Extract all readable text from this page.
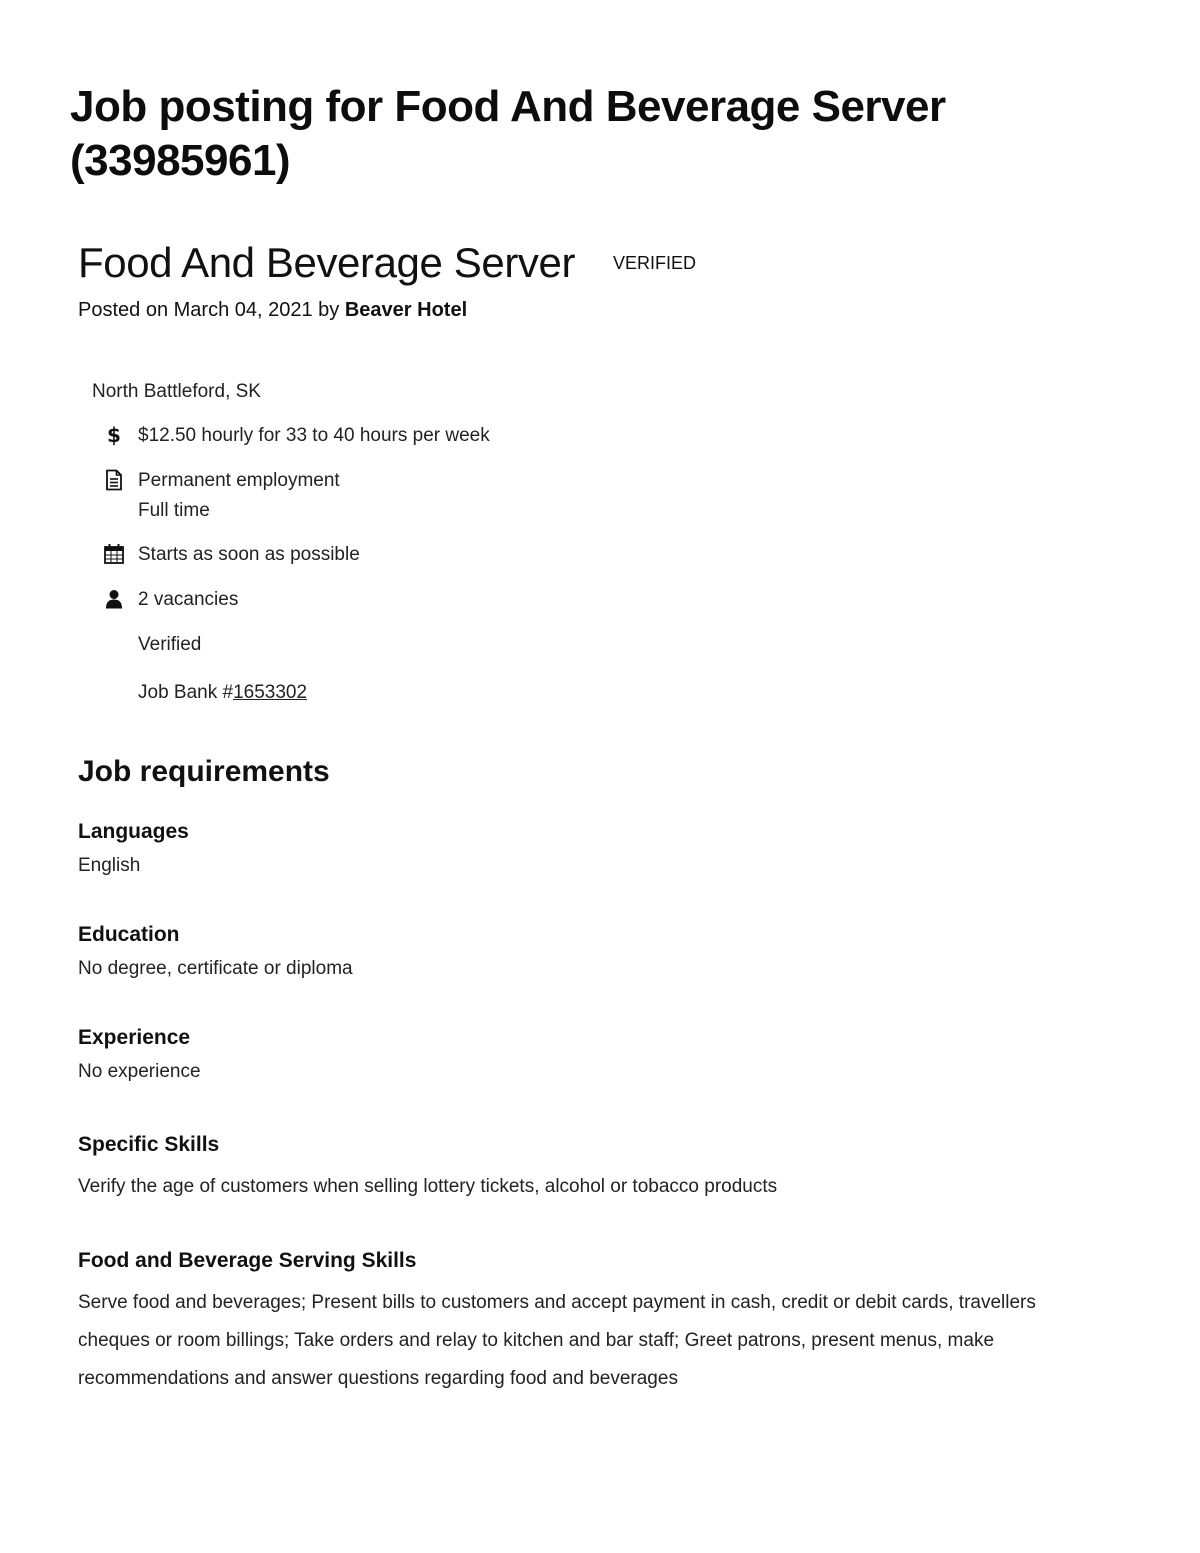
Job posting for Food And Beverage Server (33985961)
Food And Beverage Server VERIFIED
Posted on March 04, 2021 by Beaver Hotel
North Battleford, SK
$ $12.50 hourly for 33 to 40 hours per week
Permanent employment
Full time
Starts as soon as possible
2 vacancies
Verified
Job Bank #1653302
Job requirements
Languages
English
Education
No degree, certificate or diploma
Experience
No experience
Specific Skills
Verify the age of customers when selling lottery tickets, alcohol or tobacco products
Food and Beverage Serving Skills
Serve food and beverages; Present bills to customers and accept payment in cash, credit or debit cards, travellers cheques or room billings; Take orders and relay to kitchen and bar staff; Greet patrons, present menus, make recommendations and answer questions regarding food and beverages
